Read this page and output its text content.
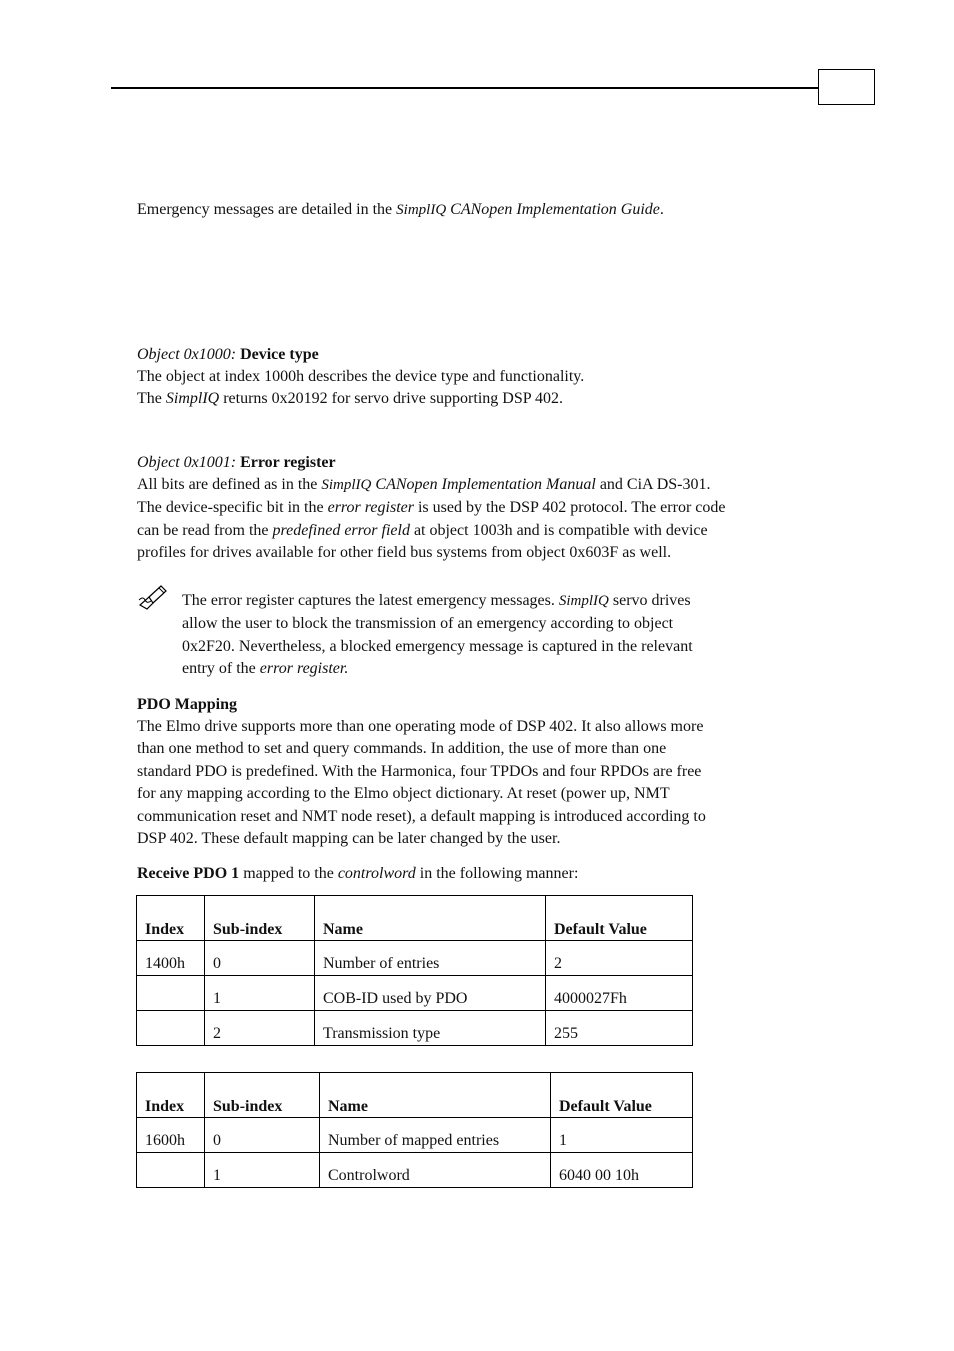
Emergency messages are detailed in the SimplIQ CANopen Implementation Guide.
Object 0x1000: Device type
The object at index 1000h describes the device type and functionality.
The SimplIQ returns 0x20192 for servo drive supporting DSP 402.
Object 0x1001: Error register
All bits are defined as in the SimplIQ CANopen Implementation Manual and CiA DS-301.
The device-specific bit in the error register is used by the DSP 402 protocol. The error code
can be read from the predefined error field at object 1003h and is compatible with device
profiles for drives available for other field bus systems from object 0x603F as well.
The error register captures the latest emergency messages. SimplIQ servo drives
allow the user to block the transmission of an emergency according to object
0x2F20. Nevertheless, a blocked emergency message is captured in the relevant
entry of the error register.
PDO Mapping
The Elmo drive supports more than one operating mode of DSP 402. It also allows more
than one method to set and query commands. In addition, the use of more than one
standard PDO is predefined. With the Harmonica, four TPDOs and four RPDOs are free
for any mapping according to the Elmo object dictionary. At reset (power up, NMT
communication reset and NMT node reset), a default mapping is introduced according to
DSP 402. These default mapping can be later changed by the user.
Receive PDO 1 mapped to the controlword in the following manner:
Index	Sub-index	Name	Default Value
1400h	0	Number of entries	2
	1	COB-ID used by PDO	4000027Fh
	2	Transmission type	255
Index	Sub-index	Name	Default Value
1600h	0	Number of mapped entries	1
	1	Controlword	6040 00 10h
